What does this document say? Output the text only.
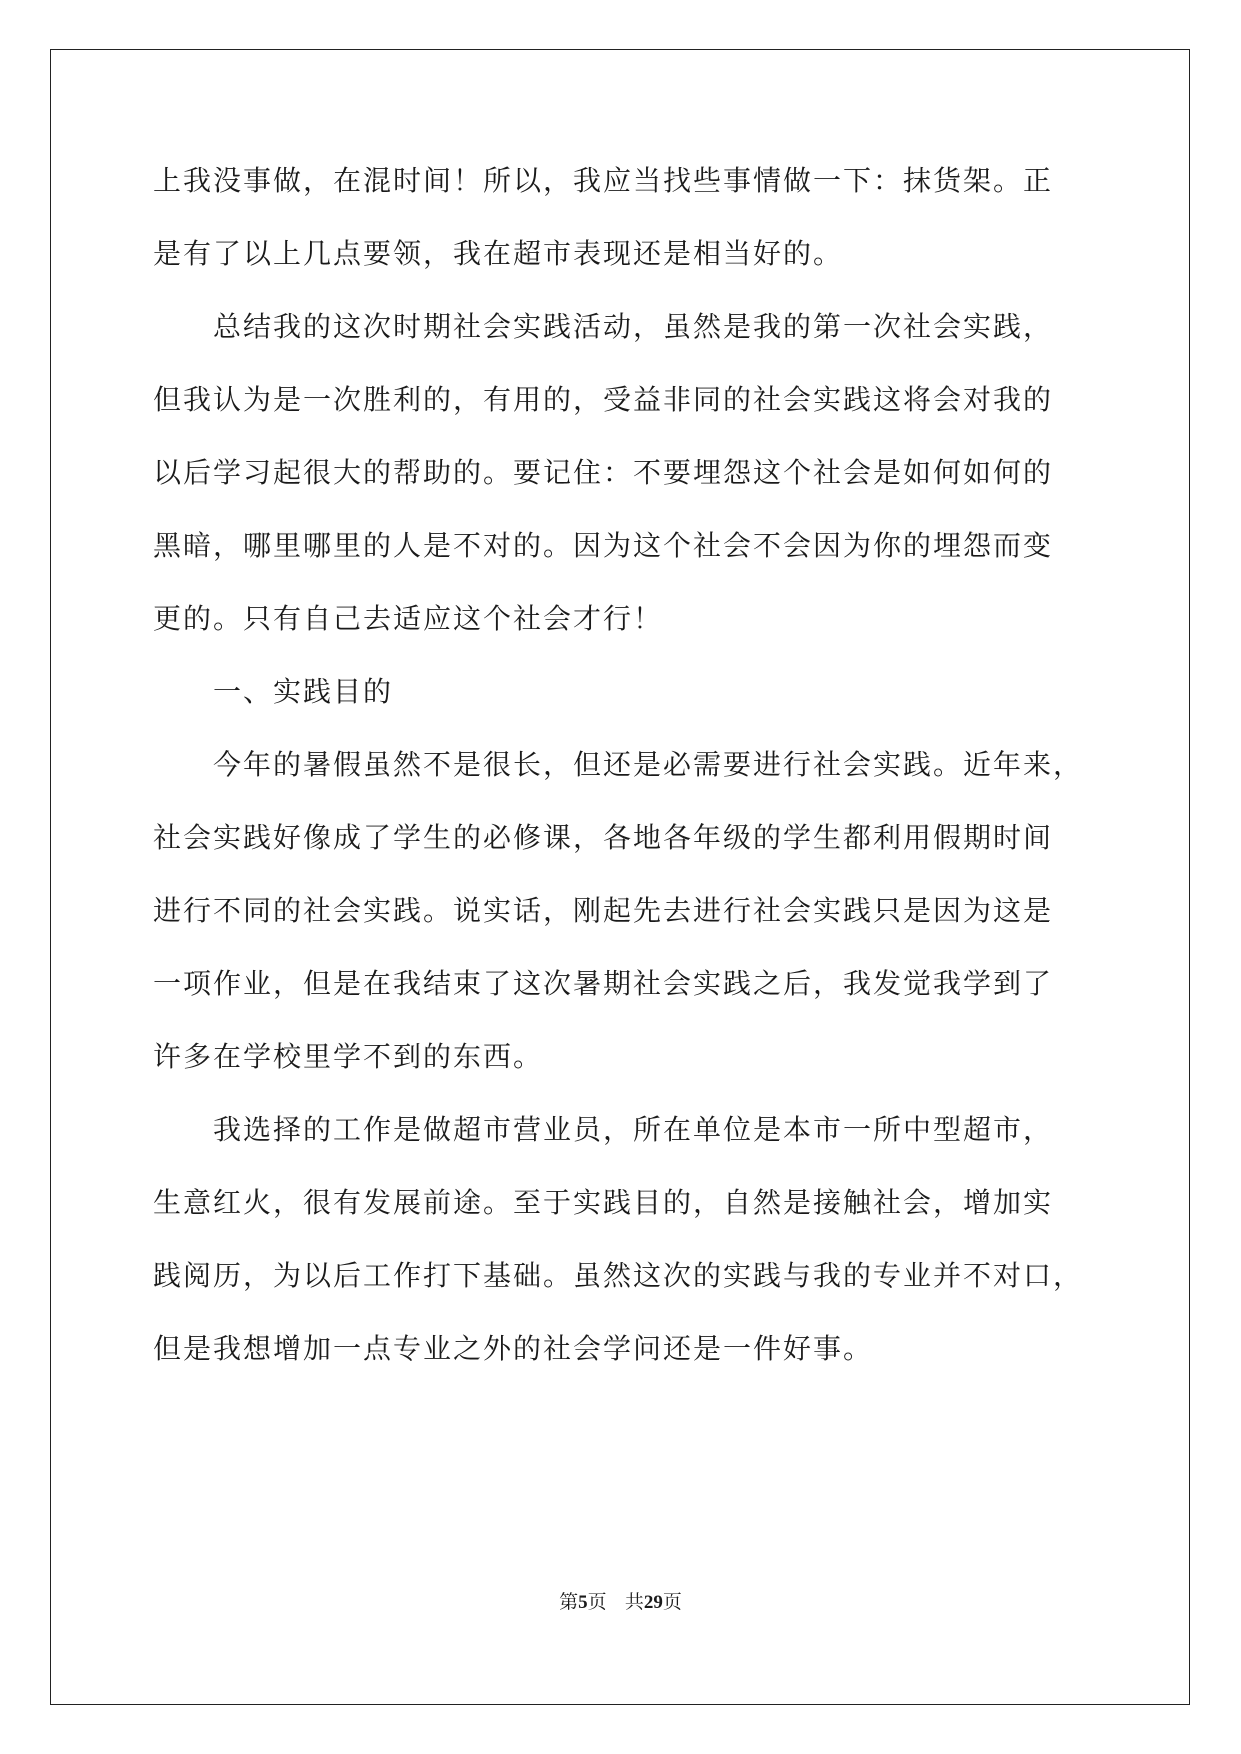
上我没事做，在混时间！所以，我应当找些事情做一下：抹货架。正

是有了以上几点要领，我在超市表现还是相当好的。

　　总结我的这次时期社会实践活动，虽然是我的第一次社会实践，

但我认为是一次胜利的，有用的，受益非同的社会实践这将会对我的

以后学习起很大的帮助的。要记住：不要埋怨这个社会是如何如何的

黑暗，哪里哪里的人是不对的。因为这个社会不会因为你的埋怨而变

更的。只有自己去适应这个社会才行！

　　一、实践目的

　　今年的暑假虽然不是很长，但还是必需要进行社会实践。近年来，

社会实践好像成了学生的必修课，各地各年级的学生都利用假期时间

进行不同的社会实践。说实话，刚起先去进行社会实践只是因为这是

一项作业，但是在我结束了这次暑期社会实践之后，我发觉我学到了

许多在学校里学不到的东西。

　　我选择的工作是做超市营业员，所在单位是本市一所中型超市，

生意红火，很有发展前途。至于实践目的，自然是接触社会，增加实

践阅历，为以后工作打下基础。虽然这次的实践与我的专业并不对口，

但是我想增加一点专业之外的社会学问还是一件好事。

第5页 共29页
